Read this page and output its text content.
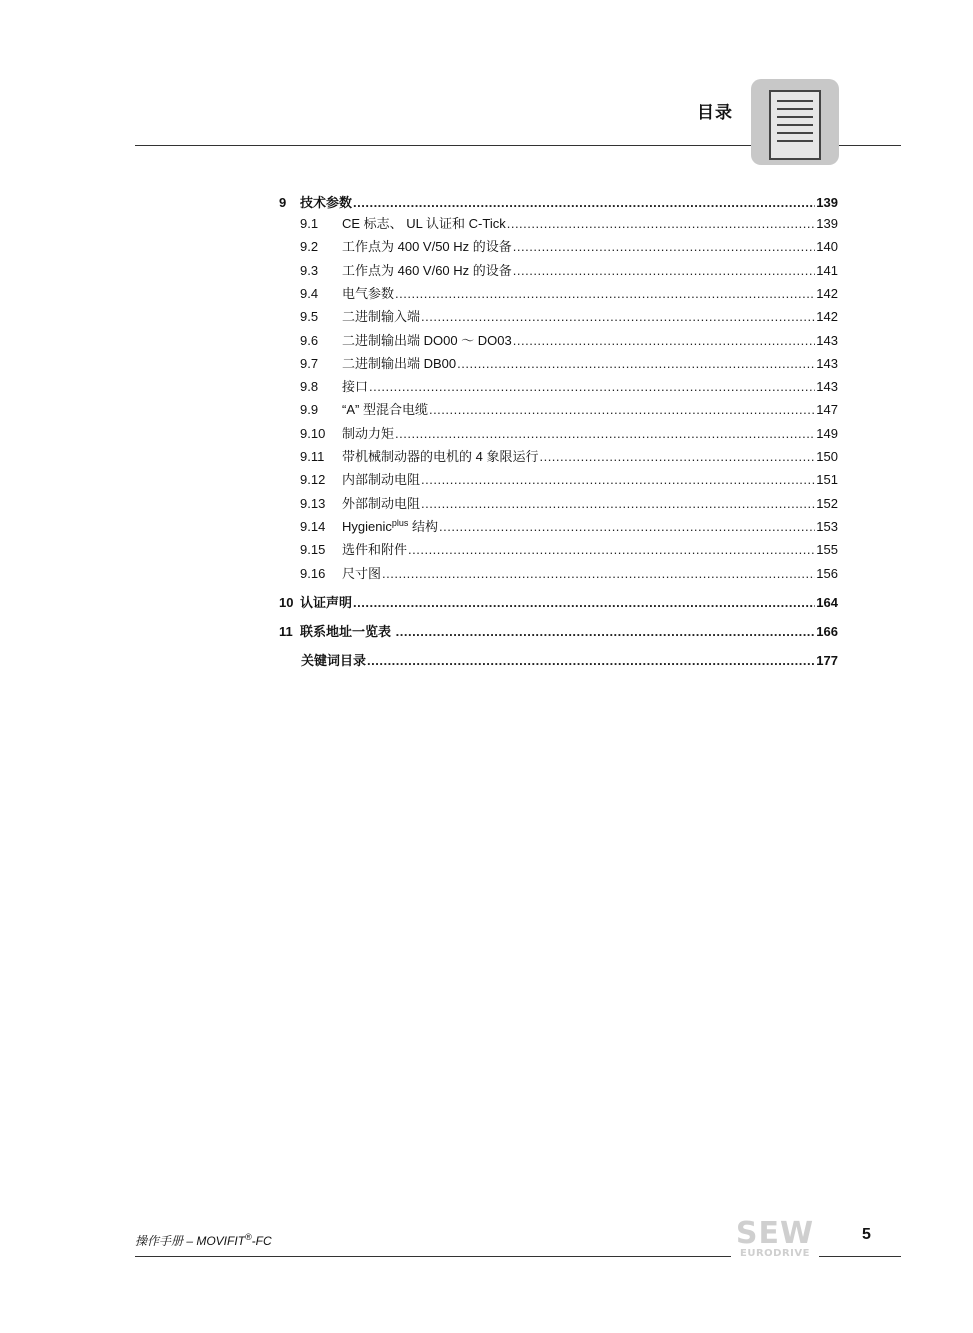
目录
9	技术参数 .....	139
9.1	CE 标志、 UL 认证和 C-Tick .....	139
9.2	工作点为 400 V/50 Hz 的设备 .....	140
9.3	工作点为 460 V/60 Hz 的设备 .....	141
9.4	电气参数 .....	142
9.5	二进制输入端 .....	142
9.6	二进制输出端 DO00 ～ DO03 .....	143
9.7	二进制输出端 DB00 .....	143
9.8	接口 .....	143
9.9	“A” 型混合电缆 .....	147
9.10	制动力矩 .....	149
9.11	带机械制动器的电机的 4 象限运行 .....	150
9.12	内部制动电阻 .....	151
9.13	外部制动电阻 .....	152
9.14	Hygienic$^{plus}$ 结构 .....	153
9.15	选件和附件 .....	155
9.16	尺寸图 .....	156
10 认证声明 .....	164
11 联系地址一览表 .....	166
关键词目录 .....	177
操作手册 – MOVIFIT®-FC	SEW
EURODRIVE
5
